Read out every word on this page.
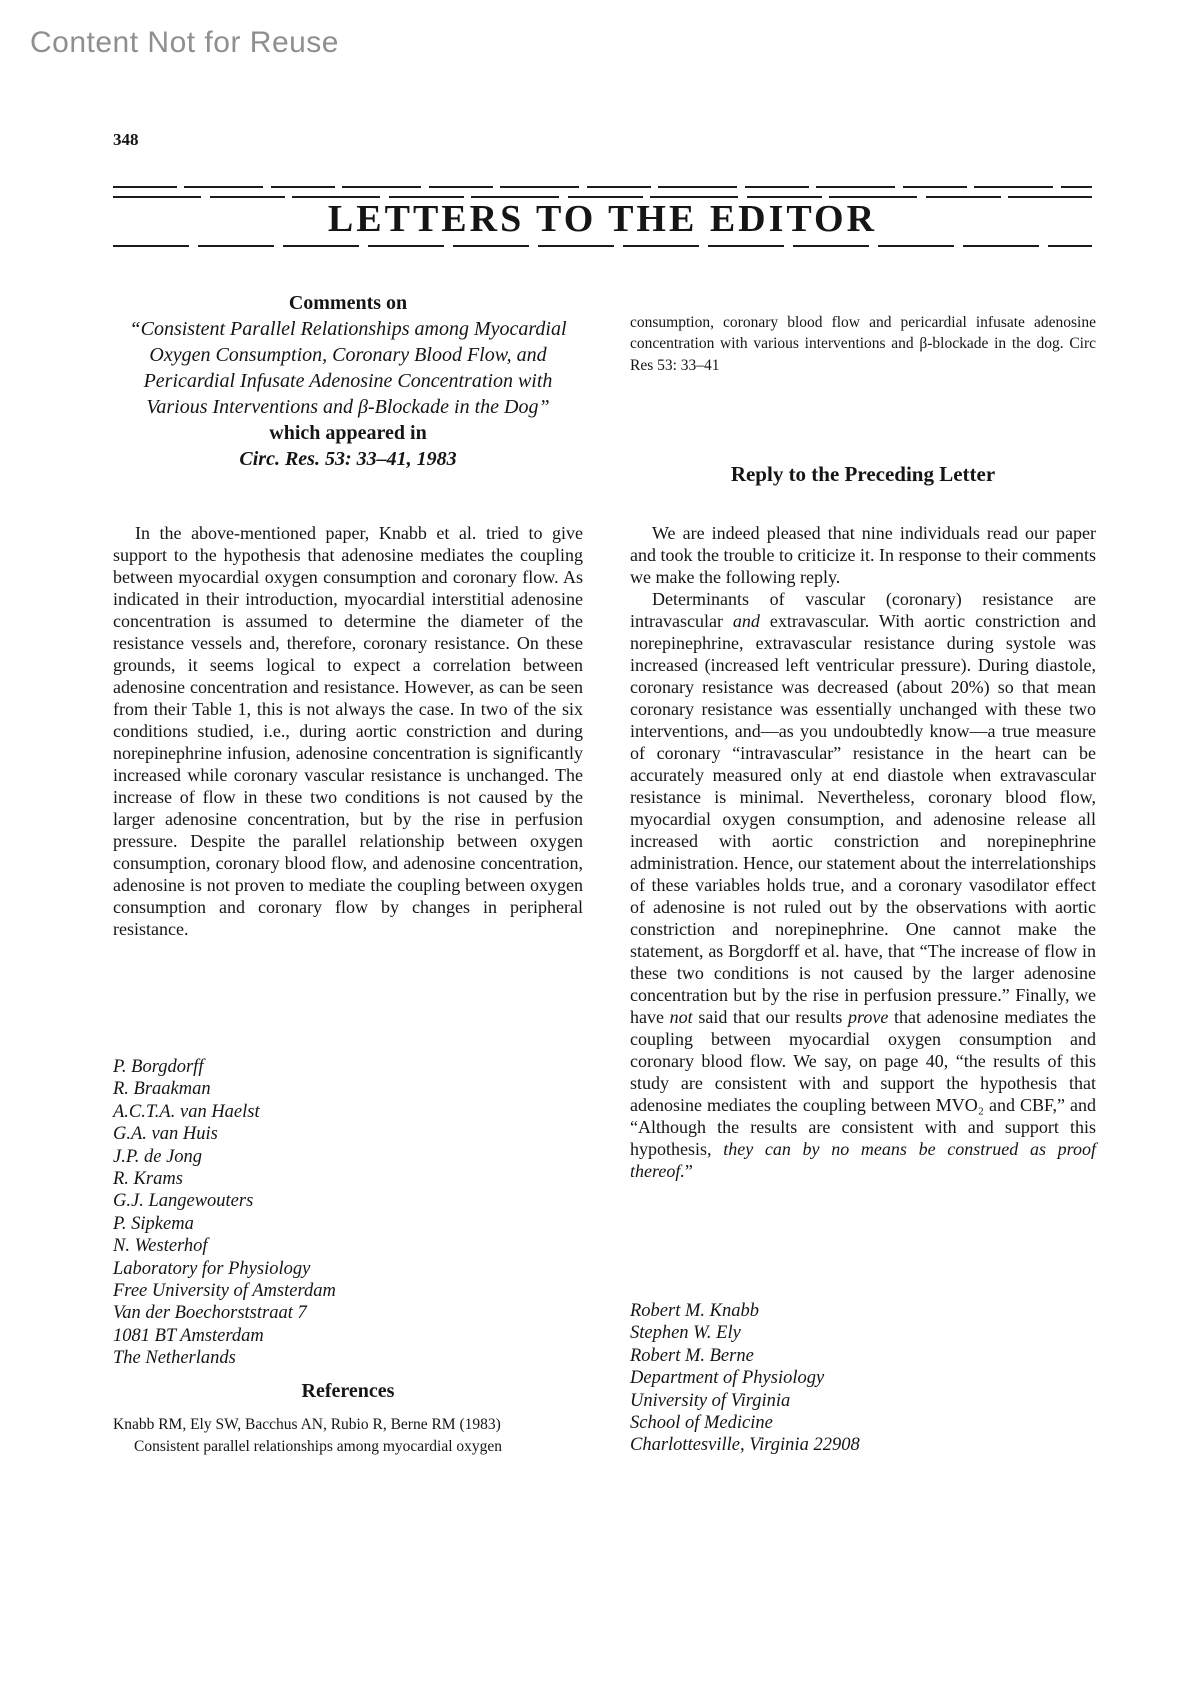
Content Not for Reuse
348
LETTERS TO THE EDITOR
Comments on
“Consistent Parallel Relationships among Myocardial Oxygen Consumption, Coronary Blood Flow, and Pericardial Infusate Adenosine Concentration with Various Interventions and β-Blockade in the Dog”
which appeared in
Circ. Res. 53: 33–41, 1983

In the above-mentioned paper, Knabb et al. tried to give support to the hypothesis that adenosine mediates the coupling between myocardial oxygen consumption and coronary flow. As indicated in their introduction, myocardial interstitial adenosine concentration is assumed to determine the diameter of the resistance vessels and, therefore, coronary resistance. On these grounds, it seems logical to expect a correlation between adenosine concentration and resistance. However, as can be seen from their Table 1, this is not always the case. In two of the six conditions studied, i.e., during aortic constriction and during norepinephrine infusion, adenosine concentration is significantly increased while coronary vascular resistance is unchanged. The increase of flow in these two conditions is not caused by the larger adenosine concentration, but by the rise in perfusion pressure. Despite the parallel relationship between oxygen consumption, coronary blood flow, and adenosine concentration, adenosine is not proven to mediate the coupling between oxygen consumption and coronary flow by changes in peripheral resistance.

P. Borgdorff
R. Braakman
A.C.T.A. van Haelst
G.A. van Huis
J.P. de Jong
R. Krams
G.J. Langewouters
P. Sipkema
N. Westerhof
Laboratory for Physiology
Free University of Amsterdam
Van der Boechorststraat 7
1081 BT Amsterdam
The Netherlands
References
Knabb RM, Ely SW, Bacchus AN, Rubio R, Berne RM (1983)
Consistent parallel relationships among myocardial oxygen

consumption, coronary blood flow and pericardial infusate adenosine concentration with various interventions and β-blockade in the dog. Circ Res 53: 33–41

Reply to the Preceding Letter

We are indeed pleased that nine individuals read our paper and took the trouble to criticize it. In response to their comments we make the following reply.

Determinants of vascular (coronary) resistance are intravascular and extravascular. With aortic constriction and norepinephrine, extravascular resistance during systole was increased (increased left ventricular pressure). During diastole, coronary resistance was decreased (about 20%) so that mean coronary resistance was essentially unchanged with these two interventions, and—as you undoubtedly know—a true measure of coronary “intravascular” resistance in the heart can be accurately measured only at end diastole when extravascular resistance is minimal. Nevertheless, coronary blood flow, myocardial oxygen consumption, and adenosine release all increased with aortic constriction and norepinephrine administration. Hence, our statement about the interrelationships of these variables holds true, and a coronary vasodilator effect of adenosine is not ruled out by the observations with aortic constriction and norepinephrine. One cannot make the statement, as Borgdorff et al. have, that “The increase of flow in these two conditions is not caused by the larger adenosine concentration but by the rise in perfusion pressure.” Finally, we have not said that our results prove that adenosine mediates the coupling between myocardial oxygen consumption and coronary blood flow. We say, on page 40, “the results of this study are consistent with and support the hypothesis that adenosine mediates the coupling between MVO₂ and CBF,” and “Although the results are consistent with and support this hypothesis, they can by no means be construed as proof thereof.”

Robert M. Knabb
Stephen W. Ely
Robert M. Berne
Department of Physiology
University of Virginia
School of Medicine
Charlottesville, Virginia 22908
